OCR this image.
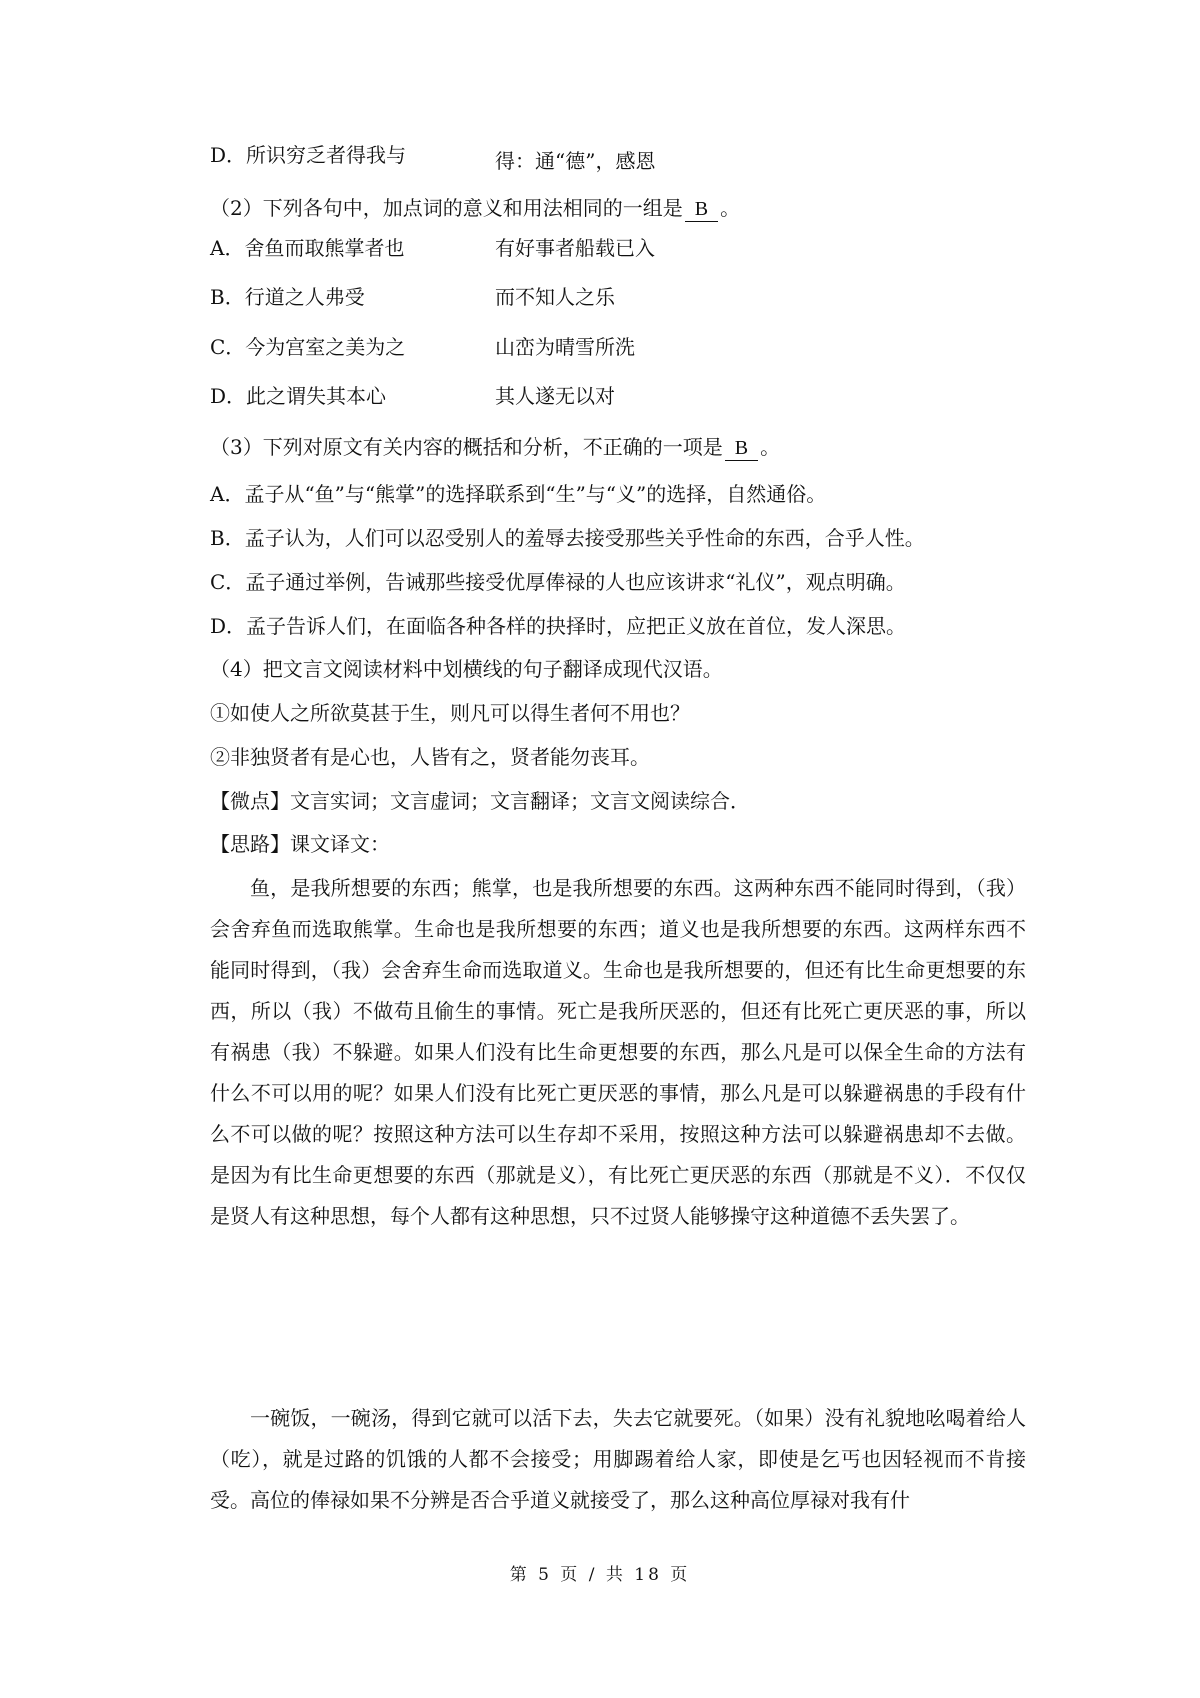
D．所识穷乏者得我与	得：通“德”，感恩
（2）下列各句中，加点词的意义和用法相同的一组是 B 。
A．舍鱼而取熊掌者也	有好事者船载已入
B．行道之人弗受	而不知人之乐
C．今为宫室之美为之	山峦为晴雪所洗
D．此之谓失其本心	其人遂无以对
（3）下列对原文有关内容的概括和分析，不正确的一项是 B 。
A．孟子从“鱼”与“熊掌”的选择联系到“生”与“义”的选择，自然通俗。
B．孟子认为，人们可以忍受别人的羞辱去接受那些关乎性命的东西，合乎人性。
C．孟子通过举例，告诫那些接受优厚俸禄的人也应该讲求“礼仪”，观点明确。
D．孟子告诉人们，在面临各种各样的抉择时，应把正义放在首位，发人深思。
（4）把文言文阅读材料中划横线的句子翻译成现代汉语。
①如使人之所欲莫甚于生，则凡可以得生者何不用也？
②非独贤者有是心也，人皆有之，贤者能勿丧耳。
【微点】文言实词；文言虚词；文言翻译；文言文阅读综合．
【思路】课文译文：
鱼，是我所想要的东西；熊掌，也是我所想要的东西。这两种东西不能同时得到，（我）会舍弃鱼而选取熊掌。生命也是我所想要的东西；道义也是我所想要的东西。这两样东西不能同时得到，（我）会舍弃生命而选取道义。生命也是我所想要的，但还有比生命更想要的东西，所以（我）不做苟且偷生的事情。死亡是我所厌恶的，但还有比死亡更厌恶的事，所以有祸患（我）不躲避。如果人们没有比生命更想要的东西，那么凡是可以保全生命的方法有什么不可以用的呢？如果人们没有比死亡更厌恶的事情，那么凡是可以躲避祸患的手段有什么不可以做的呢？按照这种方法可以生存却不采用，按照这种方法可以躲避祸患却不去做。是因为有比生命更想要的东西（那就是义），有比死亡更厌恶的东西（那就是不义）．不仅仅是贤人有这种思想，每个人都有这种思想，只不过贤人能够操守这种道德不丢失罢了。
一碗饭，一碗汤，得到它就可以活下去，失去它就要死。（如果）没有礼貌地吆喝着给人（吃），就是过路的饥饿的人都不会接受；用脚踢着给人家，即使是乞丐也因轻视而不肯接受。高位的俸禄如果不分辨是否合乎道义就接受了，那么这种高位厚禄对我有什
第 5 页 / 共 18 页
